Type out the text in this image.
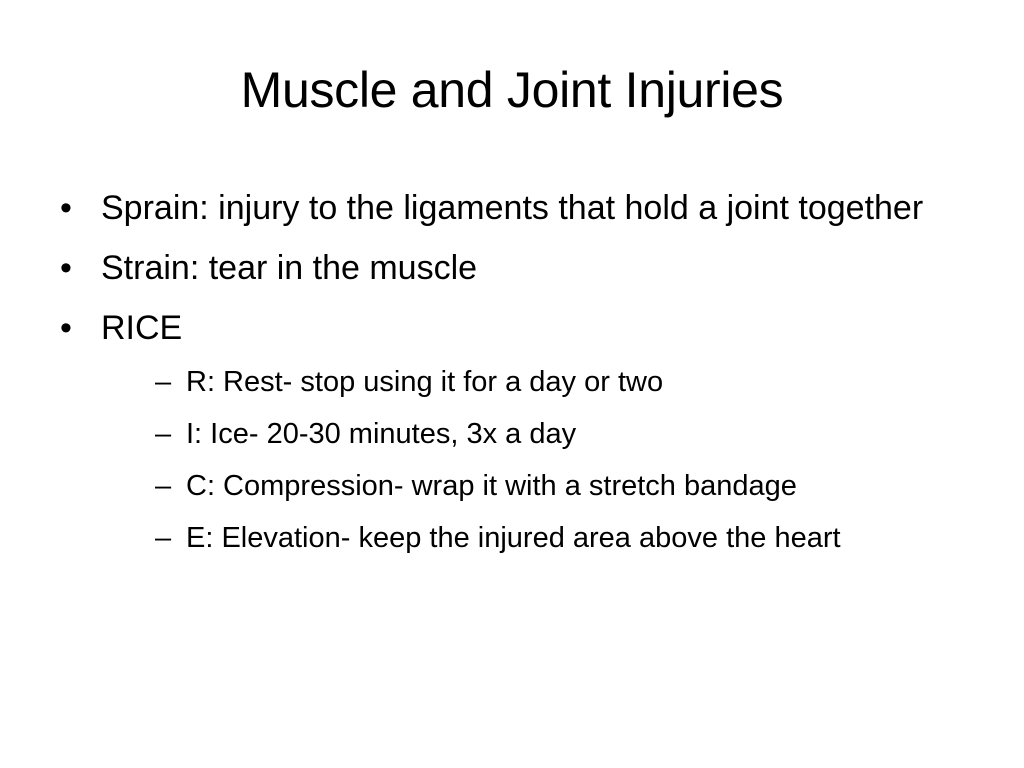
Muscle and Joint Injuries
• Sprain: injury to the ligaments that hold a joint together
• Strain: tear in the muscle
• RICE
– R: Rest- stop using it for a day or two
– I: Ice- 20-30 minutes, 3x a day
– C: Compression- wrap it with a stretch bandage
– E: Elevation- keep the injured area above the heart
